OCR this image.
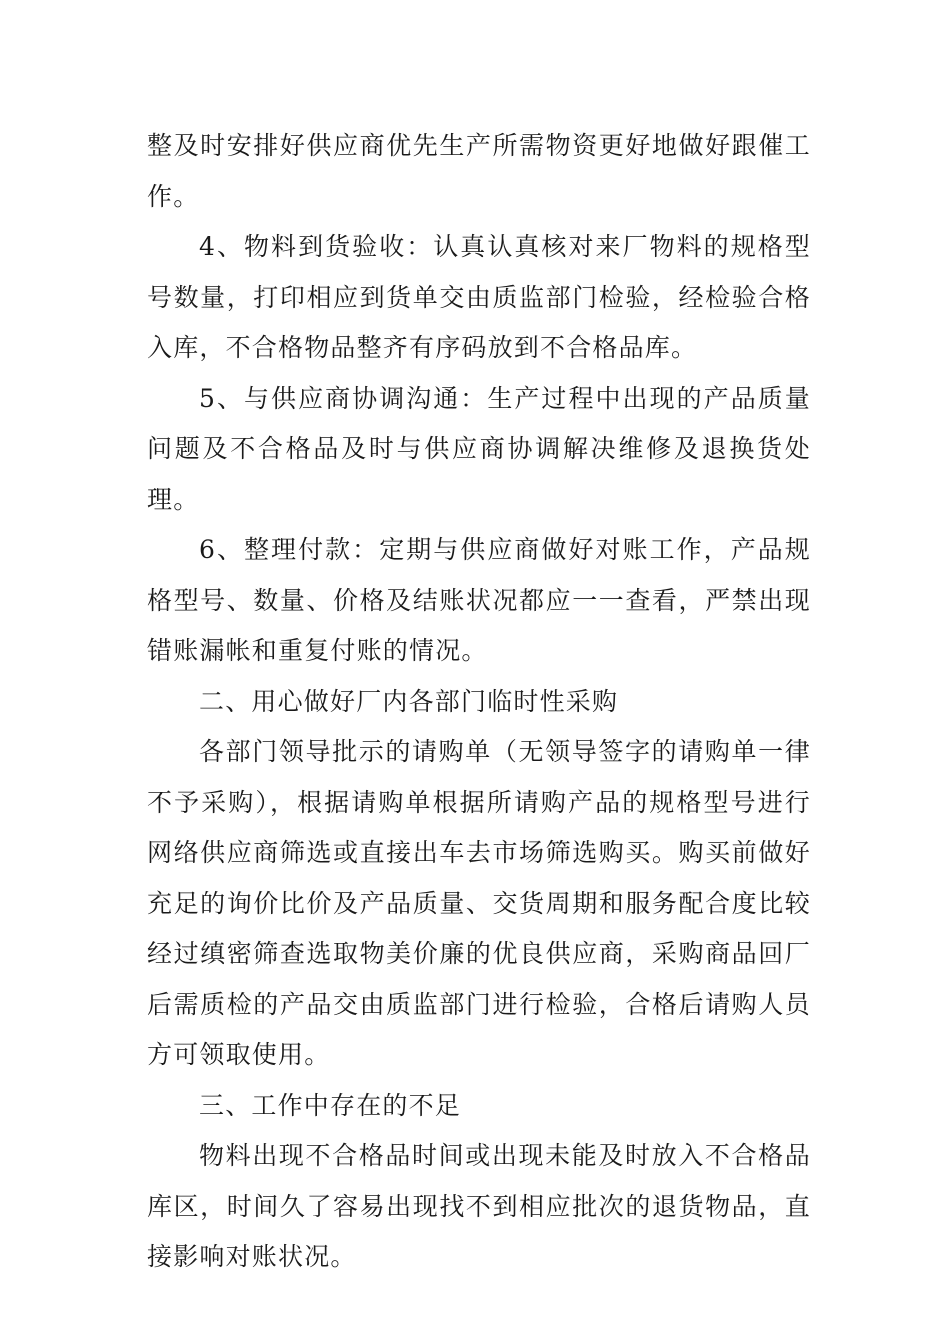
整及时安排好供应商优先生产所需物资更好地做好跟催工作。

4、物料到货验收：认真认真核对来厂物料的规格型号数量，打印相应到货单交由质监部门检验，经检验合格入库，不合格物品整齐有序码放到不合格品库。

5、与供应商协调沟通：生产过程中出现的产品质量问题及不合格品及时与供应商协调解决维修及退换货处理。

6、整理付款：定期与供应商做好对账工作，产品规格型号、数量、价格及结账状况都应一一查看，严禁出现错账漏帐和重复付账的情况。

二、用心做好厂内各部门临时性采购

各部门领导批示的请购单（无领导签字的请购单一律不予采购），根据请购单根据所请购产品的规格型号进行网络供应商筛选或直接出车去市场筛选购买。购买前做好充足的询价比价及产品质量、交货周期和服务配合度比较经过缜密筛查选取物美价廉的优良供应商，采购商品回厂后需质检的产品交由质监部门进行检验，合格后请购人员方可领取使用。

三、工作中存在的不足

物料出现不合格品时间或出现未能及时放入不合格品库区，时间久了容易出现找不到相应批次的退货物品，直接影响对账状况。
